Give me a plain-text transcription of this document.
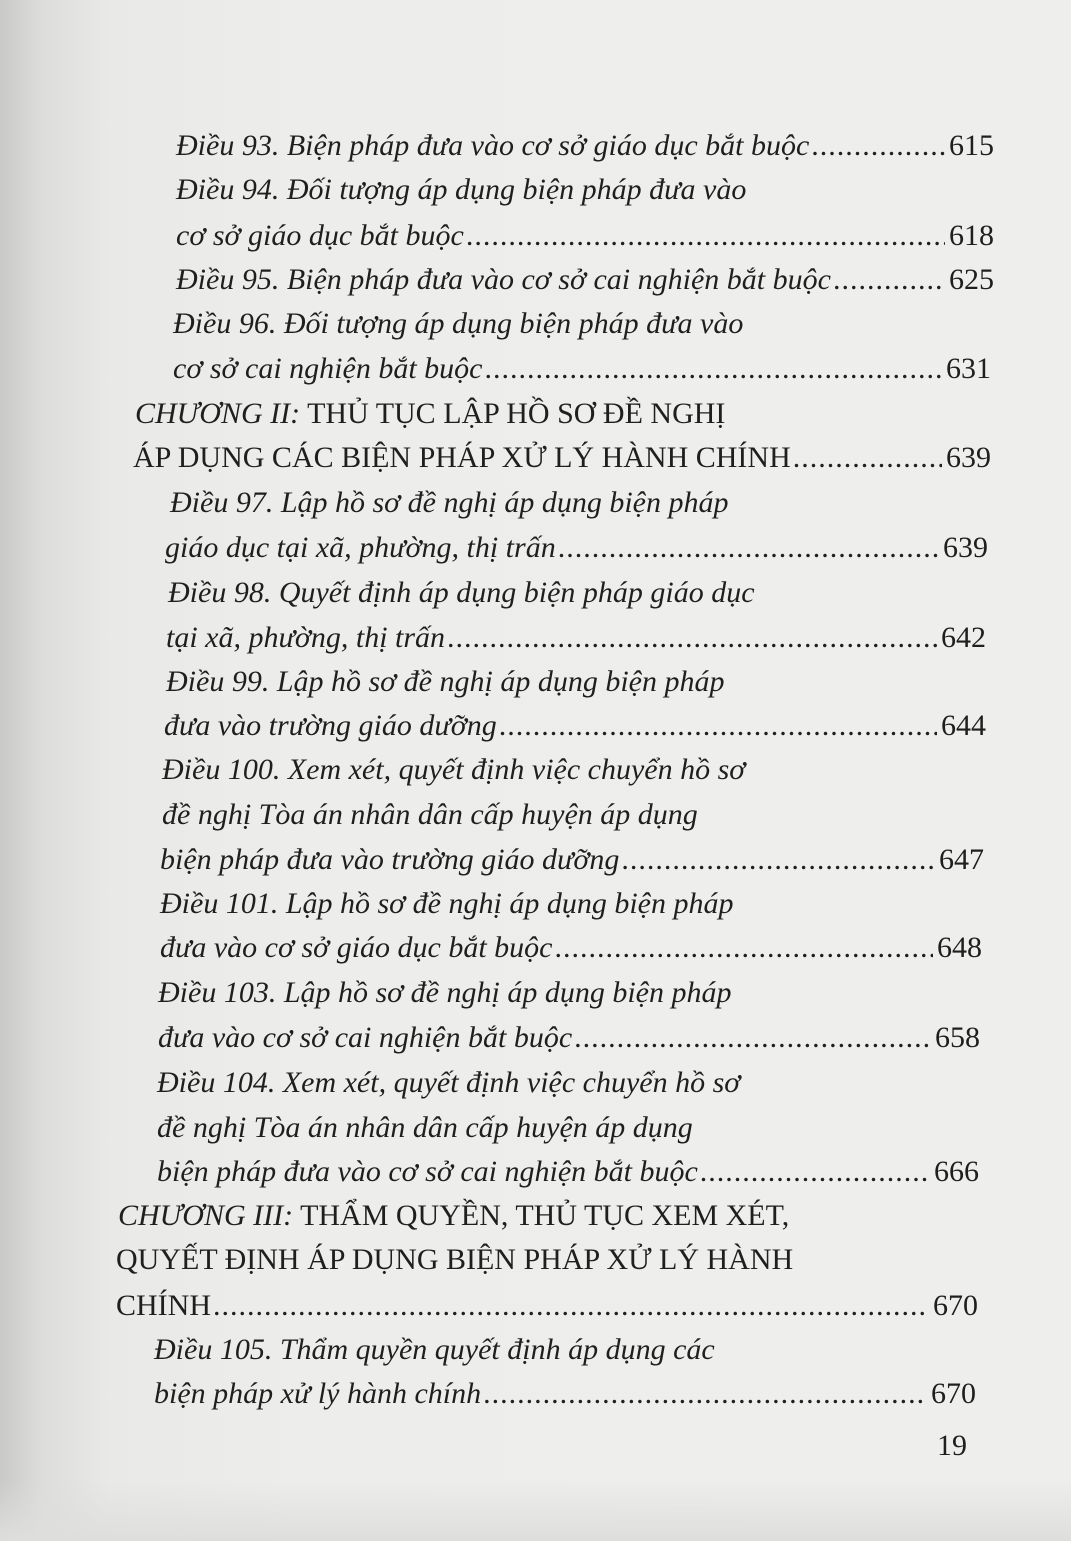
Điều 93. Biện pháp đưa vào cơ sở giáo dục bắt buộc .....	615
Điều 94. Đối tượng áp dụng biện pháp đưa vào
cơ sở giáo dục bắt buộc .....	618
Điều 95. Biện pháp đưa vào cơ sở cai nghiện bắt buộc .....	625
Điều 96. Đối tượng áp dụng biện pháp đưa vào
cơ sở cai nghiện bắt buộc .....	631
CHƯƠNG II: THỦ TỤC LẬP HỒ SƠ ĐỀ NGHỊ
ÁP DỤNG CÁC BIỆN PHÁP XỬ LÝ HÀNH CHÍNH .....	639
Điều 97. Lập hồ sơ đề nghị áp dụng biện pháp
giáo dục tại xã, phường, thị trấn .....	639
Điều 98. Quyết định áp dụng biện pháp giáo dục
tại xã, phường, thị trấn .....	642
Điều 99. Lập hồ sơ đề nghị áp dụng biện pháp
đưa vào trường giáo dưỡng .....	644
Điều 100. Xem xét, quyết định việc chuyển hồ sơ
đề nghị Tòa án nhân dân cấp huyện áp dụng
biện pháp đưa vào trường giáo dưỡng .....	647
Điều 101. Lập hồ sơ đề nghị áp dụng biện pháp
đưa vào cơ sở giáo dục bắt buộc .....	648
Điều 103. Lập hồ sơ đề nghị áp dụng biện pháp
đưa vào cơ sở cai nghiện bắt buộc .....	658
Điều 104. Xem xét, quyết định việc chuyển hồ sơ
đề nghị Tòa án nhân dân cấp huyện áp dụng
biện pháp đưa vào cơ sở cai nghiện bắt buộc .....	666
CHƯƠNG III: THẨM QUYỀN, THỦ TỤC XEM XÉT,
QUYẾT ĐỊNH ÁP DỤNG BIỆN PHÁP XỬ LÝ HÀNH
CHÍNH .....	670
Điều 105. Thẩm quyền quyết định áp dụng các
biện pháp xử lý hành chính .....	670
19
